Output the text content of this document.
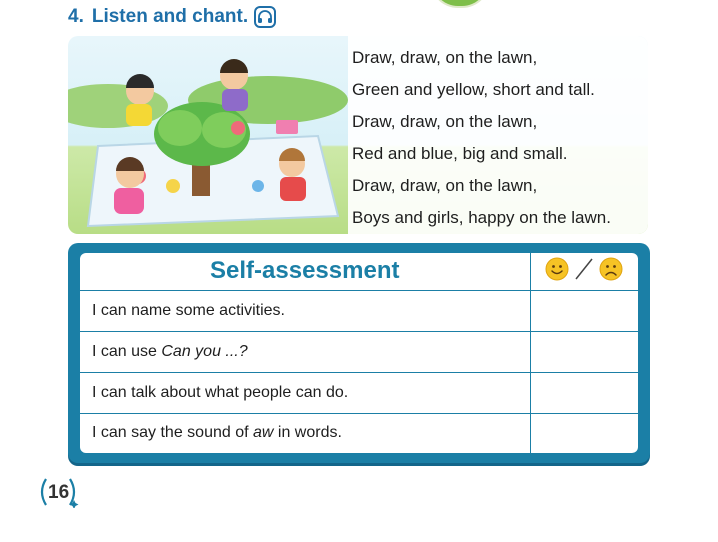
4. Listen and chant.
Draw, draw, on the lawn,
Green and yellow, short and tall.
Draw, draw, on the lawn,
Red and blue, big and small.
Draw, draw, on the lawn,
Boys and girls, happy on the lawn.
Self-assessment	

I can name some activities.	
I can use Can you ...?	
I can talk about what people can do.	
I can say the sound of aw in words.	
16
